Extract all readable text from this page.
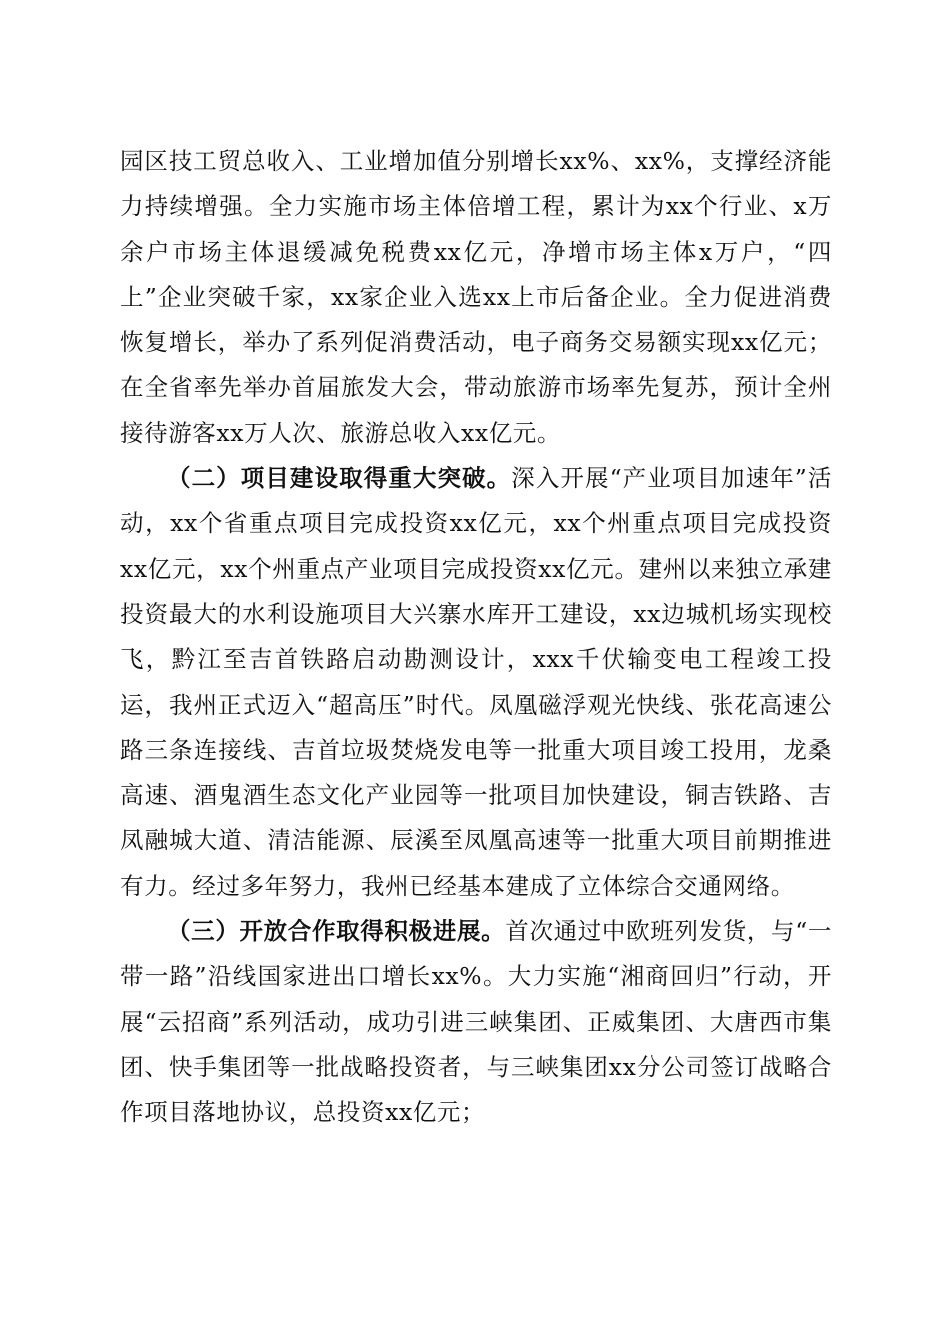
园区技工贸总收入、工业增加值分别增长xx%、xx%，支撑经济能力持续增强。全力实施市场主体倍增工程，累计为xx个行业、x万余户市场主体退缓减免税费xx亿元，净增市场主体x万户，“四上”企业突破千家，xx家企业入选xx上市后备企业。全力促进消费恢复增长，举办了系列促消费活动，电子商务交易额实现xx亿元；在全省率先举办首届旅发大会，带动旅游市场率先复苏，预计全州接待游客xx万人次、旅游总收入xx亿元。

（二）项目建设取得重大突破。深入开展“产业项目加速年”活动，xx个省重点项目完成投资xx亿元，xx个州重点项目完成投资xx亿元，xx个州重点产业项目完成投资xx亿元。建州以来独立承建投资最大的水利设施项目大兴寨水库开工建设，xx边城机场实现校飞，黔江至吉首铁路启动勘测设计，xxx千伏输变电工程竣工投运，我州正式迈入“超高压”时代。凤凰磁浮观光快线、张花高速公路三条连接线、吉首垃圾焚烧发电等一批重大项目竣工投用，龙桑高速、酒鬼酒生态文化产业园等一批项目加快建设，铜吉铁路、吉凤融城大道、清洁能源、辰溪至凤凰高速等一批重大项目前期推进有力。经过多年努力，我州已经基本建成了立体综合交通网络。

（三）开放合作取得积极进展。首次通过中欧班列发货，与“一带一路”沿线国家进出口增长xx%。大力实施“湘商回归”行动，开展“云招商”系列活动，成功引进三峡集团、正威集团、大唐西市集团、快手集团等一批战略投资者，与三峡集团xx分公司签订战略合作项目落地协议，总投资xx亿元；
